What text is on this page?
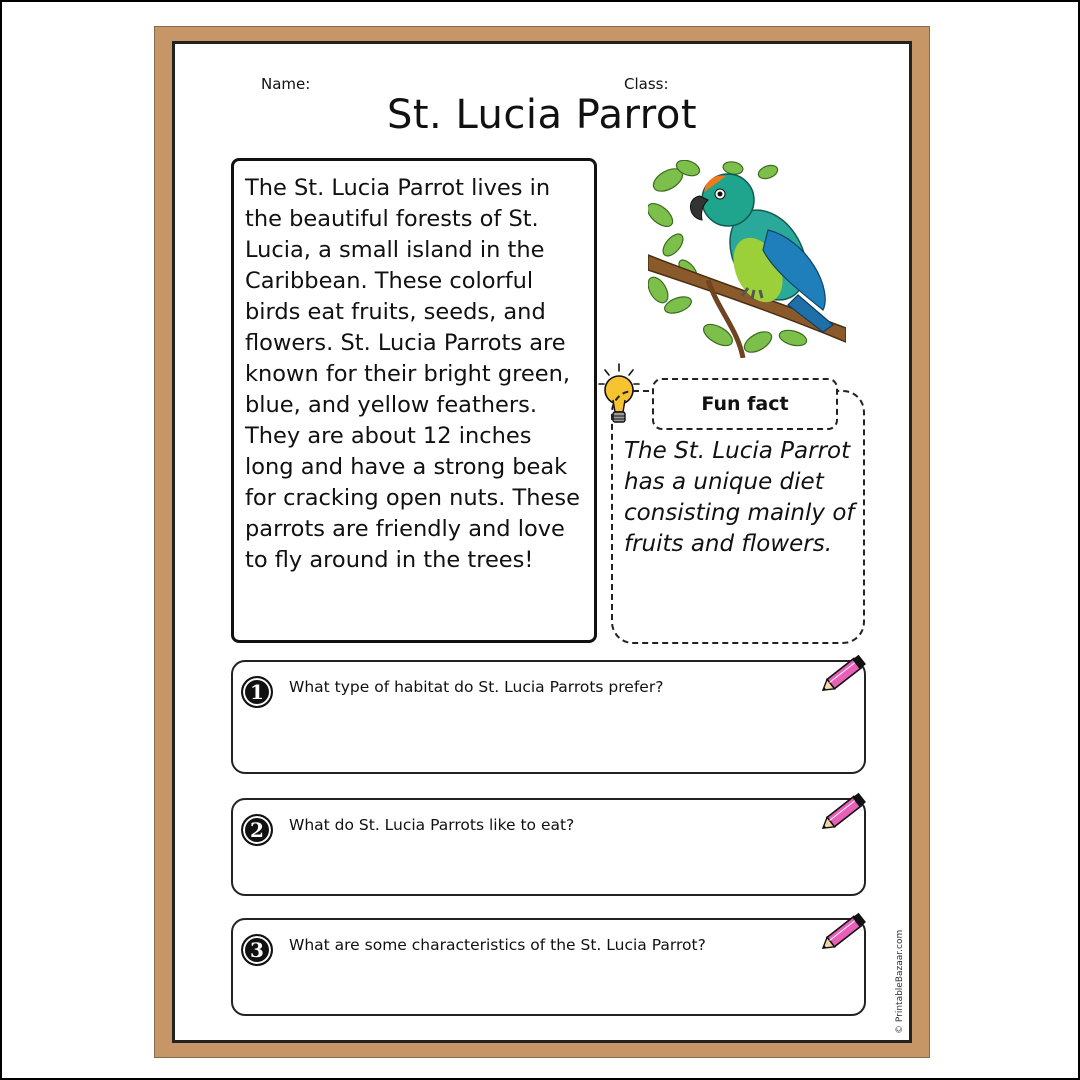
Name:	Class:
St. Lucia Parrot

The St. Lucia Parrot lives in
the beautiful forests of St.
Lucia, a small island in the
Caribbean. These colorful
birds eat fruits, seeds, and
flowers. St. Lucia Parrots are
known for their bright green,
blue, and yellow feathers.
They are about 12 inches
long and have a strong beak
for cracking open nuts. These
parrots are friendly and love
to fly around in the trees!

Fun fact
The St. Lucia Parrot
has a unique diet
consisting mainly of
fruits and flowers.
1	What type of habitat do St. Lucia Parrots prefer?
2	What do St. Lucia Parrots like to eat?
3	What are some characteristics of the St. Lucia Parrot?	© PrintableBazaar.com
